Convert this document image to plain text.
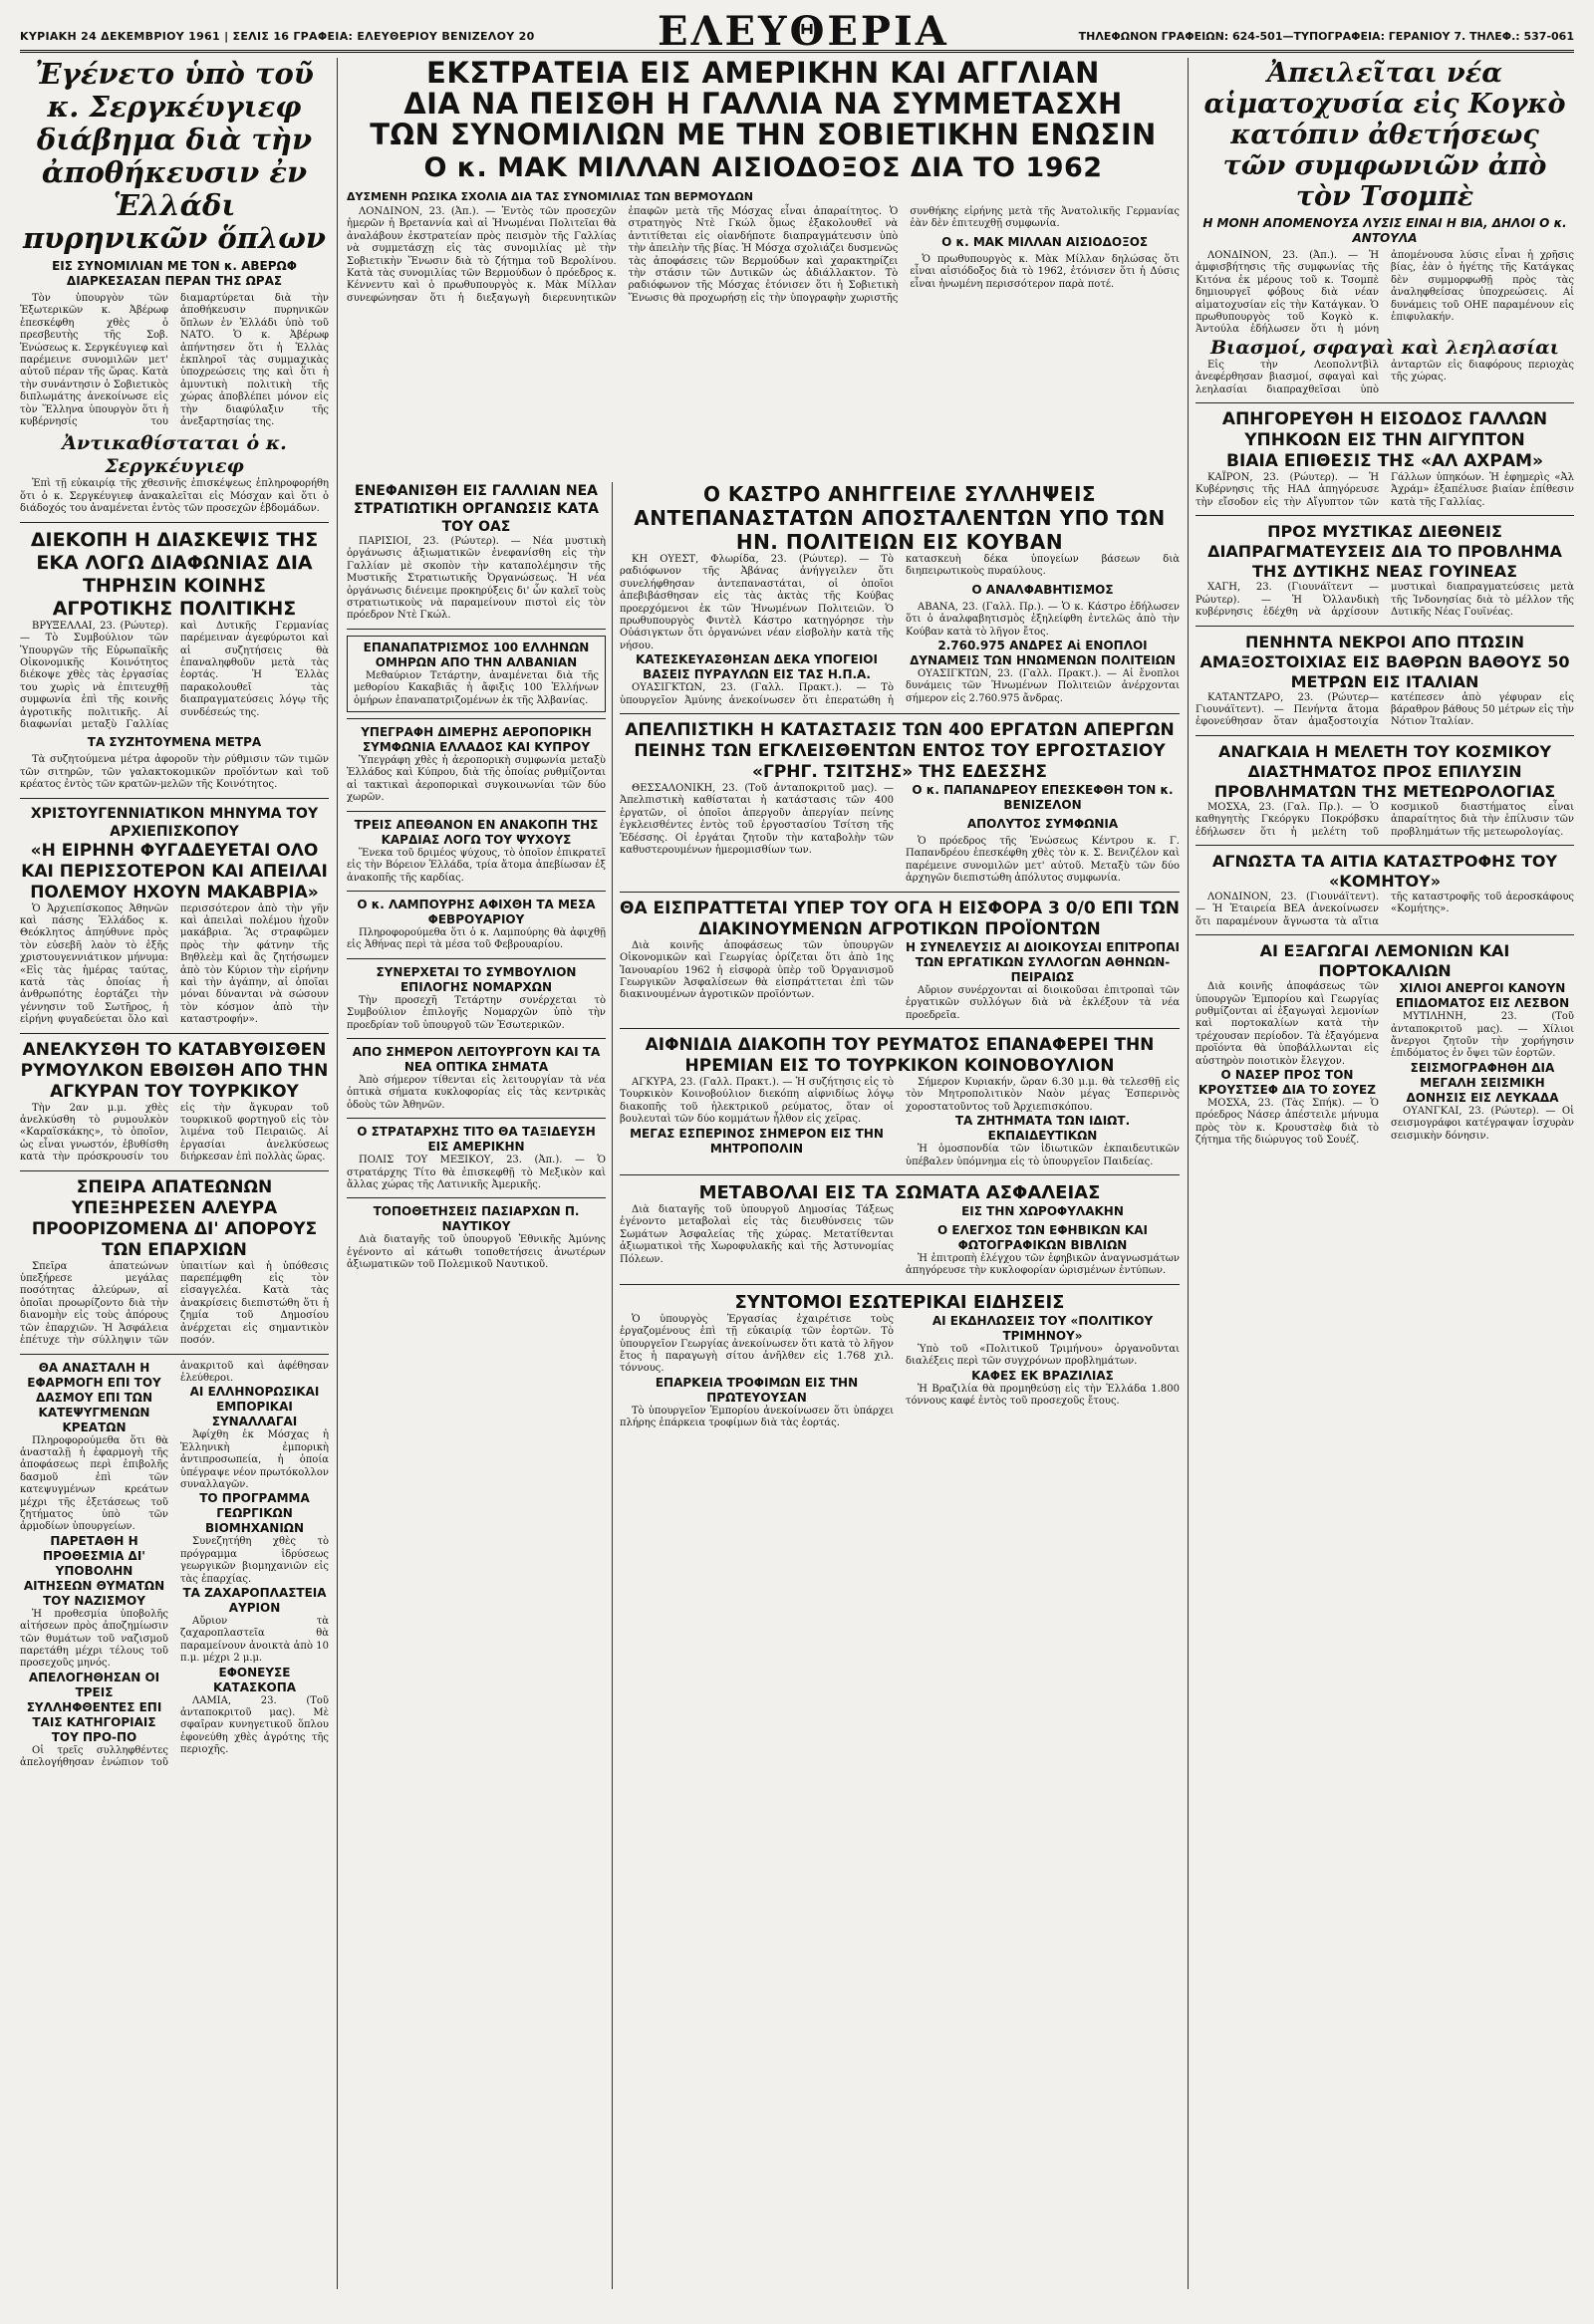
ΚΥΡΙΑΚΗ 24 ΔΕΚΕΜΒΡΙΟΥ 1961 | ΣΕΛΙΣ 16 ΓΡΑΦΕΙΑ: ΕΛΕΥΘΕΡΙΟΥ ΒΕΝΙΖΕΛΟΥ 20	ΕΛΕΥΘΕΡΙΑ	ΤΗΛΕΦΩΝΟΝ ΓΡΑΦΕΙΩΝ: 624-501—ΤΥΠΟΓΡΑΦΕΙΑ: ΓΕΡΑΝΙΟΥ 7. ΤΗΛΕΦ.: 537-061
Ἐγένετο ὑπὸ τοῦ κ. Σεργκέυγιεφ διάβημα διὰ τὴν ἀποθήκευσιν ἐν Ἑλλάδι πυρηνικῶν ὅπλων
ΕΙΣ ΣΥΝΟΜΙΛΙΑΝ ΜΕ ΤΟΝ κ. ΑΒΕΡΩΦ ΔΙΑΡΚΕΣΑΣΑΝ ΠΕΡΑΝ ΤΗΣ ΩΡΑΣ

Τὸν ὑπουργὸν τῶν Ἐξωτερικῶν κ. Ἀβέρωφ ἐπεσκέφθη χθὲς ὁ πρεσβευτὴς τῆς Σοβ. Ἑνώσεως κ. Σεργκέυγιεφ καὶ παρέμεινε συνομιλῶν μετ' αὐτοῦ πέραν τῆς ὥρας. Κατὰ τὴν συνάντησιν ὁ Σοβιετικὸς διπλωμάτης ἀνεκοίνωσε εἰς τὸν Ἕλληνα ὑπουργὸν ὅτι ἡ κυβέρνησίς του διαμαρτύρεται διὰ τὴν ἀποθήκευσιν πυρηνικῶν ὅπλων ἐν Ἑλλάδι ὑπὸ τοῦ ΝΑΤΟ. Ὁ κ. Ἀβέρωφ ἀπήντησεν ὅτι ἡ Ἑλλὰς ἐκπληροῖ τὰς συμμαχικὰς ὑποχρεώσεις της καὶ ὅτι ἡ ἀμυντικὴ πολιτικὴ τῆς χώρας ἀποβλέπει μόνον εἰς τὴν διαφύλαξιν τῆς ἀνεξαρτησίας της.

Ἀντικαθίσταται ὁ κ. Σεργκέυγιεφ

Ἐπὶ τῇ εὐκαιρίᾳ τῆς χθεσινῆς ἐπισκέψεως ἐπληροφορήθη ὅτι ὁ κ. Σεργκέυγιεφ ἀνακαλεῖται εἰς Μόσχαν καὶ ὅτι ὁ διάδοχός του ἀναμένεται ἐντὸς τῶν προσεχῶν ἑβδομάδων.

ΔΙΕΚΟΠΗ Η ΔΙΑΣΚΕΨΙΣ ΤΗΣ ΕΚΑ ΛΟΓΩ ΔΙΑΦΩΝΙΑΣ ΔΙΑ ΤΗΡΗΣΙΝ ΚΟΙΝΗΣ ΑΓΡΟΤΙΚΗΣ ΠΟΛΙΤΙΚΗΣ

ΒΡΥΞΕΛΛΑΙ, 23. (Ρώυτερ). — Τὸ Συμβούλιον τῶν Ὑπουργῶν τῆς Εὐρωπαϊκῆς Οἰκονομικῆς Κοινότητος διέκοψε χθὲς τὰς ἐργασίας του χωρὶς νὰ ἐπιτευχθῇ συμφωνία ἐπὶ τῆς κοινῆς ἀγροτικῆς πολιτικῆς. Αἱ διαφωνίαι μεταξὺ Γαλλίας καὶ Δυτικῆς Γερμανίας παρέμειναν ἀγεφύρωτοι καὶ αἱ συζητήσεις θὰ ἐπαναληφθοῦν μετὰ τὰς ἑορτάς. Ἡ Ἑλλὰς παρακολουθεῖ τὰς διαπραγματεύσεις λόγῳ τῆς συνδέσεώς της.

ΤΑ ΣΥΖΗΤΟΥΜΕΝΑ ΜΕΤΡΑ

Τὰ συζητούμενα μέτρα ἀφοροῦν τὴν ρύθμισιν τῶν τιμῶν τῶν σιτηρῶν, τῶν γαλακτοκομικῶν προϊόντων καὶ τοῦ κρέατος ἐντὸς τῶν κρατῶν-μελῶν τῆς Κοινότητος.

ΧΡΙΣΤΟΥΓΕΝΝΙΑΤΙΚΟΝ ΜΗΝΥΜΑ ΤΟΥ ΑΡΧΙΕΠΙΣΚΟΠΟΥ
«Η ΕΙΡΗΝΗ ΦΥΓΑΔΕΥΕΤΑΙ ΟΛΟ ΚΑΙ ΠΕΡΙΣΣΟΤΕΡΟΝ ΚΑΙ ΑΠΕΙΛΑΙ ΠΟΛΕΜΟΥ ΗΧΟΥΝ ΜΑΚΑΒΡΙΑ»

Ὁ Ἀρχιεπίσκοπος Ἀθηνῶν καὶ πάσης Ἑλλάδος κ. Θεόκλητος ἀπηύθυνε πρὸς τὸν εὐσεβῆ λαὸν τὸ ἑξῆς χριστουγεννιάτικον μήνυμα: «Εἰς τὰς ἡμέρας ταύτας, κατὰ τὰς ὁποίας ἡ ἀνθρωπότης ἑορτάζει τὴν γέννησιν τοῦ Σωτῆρος, ἡ εἰρήνη φυγαδεύεται ὅλο καὶ περισσότερον ἀπὸ τὴν γῆν καὶ ἀπειλαὶ πολέμου ἠχοῦν μακάβρια. Ἂς στραφῶμεν πρὸς τὴν φάτνην τῆς Βηθλεὲμ καὶ ἂς ζητήσωμεν ἀπὸ τὸν Κύριον τὴν εἰρήνην καὶ τὴν ἀγάπην, αἱ ὁποῖαι μόναι δύνανται νὰ σώσουν τὸν κόσμον ἀπὸ τὴν καταστροφήν».

ΑΝΕΛΚΥΣΘΗ ΤΟ ΚΑΤΑΒΥΘΙΣΘΕΝ ΡΥΜΟΥΛΚΟΝ ΕΒΘΙΣΘΗ ΑΠΟ ΤΗΝ ΑΓΚΥΡΑΝ ΤΟΥ ΤΟΥΡΚΙΚΟΥ

Τὴν 2αν μ.μ. χθὲς ἀνελκύσθη τὸ ρυμουλκὸν «Καραϊσκάκης», τὸ ὁποῖον, ὡς εἶναι γνωστόν, ἐβυθίσθη κατὰ τὴν πρόσκρουσίν του εἰς τὴν ἄγκυραν τοῦ τουρκικοῦ φορτηγοῦ εἰς τὸν λιμένα τοῦ Πειραιῶς. Αἱ ἐργασίαι ἀνελκύσεως διήρκεσαν ἐπὶ πολλὰς ὥρας.

ΣΠΕΙΡΑ ΑΠΑΤΕΩΝΩΝ ΥΠΕΞΗΡΕΣΕΝ ΑΛΕΥΡΑ ΠΡΟΟΡΙΖΟΜΕΝΑ ΔΙ' ΑΠΟΡΟΥΣ ΤΩΝ ΕΠΑΡΧΙΩΝ

Σπεῖρα ἀπατεώνων ὑπεξήρεσε μεγάλας ποσότητας ἀλεύρων, αἱ ὁποῖαι προωρίζοντο διὰ τὴν διανομὴν εἰς τοὺς ἀπόρους τῶν ἐπαρχιῶν. Ἡ Ἀσφάλεια ἐπέτυχε τὴν σύλληψιν τῶν ὑπαιτίων καὶ ἡ ὑπόθεσις παρεπέμφθη εἰς τὸν εἰσαγγελέα. Κατὰ τὰς ἀνακρίσεις διεπιστώθη ὅτι ἡ ζημία τοῦ Δημοσίου ἀνέρχεται εἰς σημαντικὸν ποσόν.

ΘΑ ΑΝΑΣΤΑΛΗ Η ΕΦΑΡΜΟΓΗ ΕΠΙ ΤΟΥ ΔΑΣΜΟΥ ΕΠΙ ΤΩΝ ΚΑΤΕΨΥΓΜΕΝΩΝ ΚΡΕΑΤΩΝ

Πληροφορούμεθα ὅτι θὰ ἀνασταλῇ ἡ ἐφαρμογὴ τῆς ἀποφάσεως περὶ ἐπιβολῆς δασμοῦ ἐπὶ τῶν κατεψυγμένων κρεάτων μέχρι τῆς ἐξετάσεως τοῦ ζητήματος ὑπὸ τῶν ἁρμοδίων ὑπουργείων.

ΠΑΡΕΤΑΘΗ Η ΠΡΟΘΕΣΜΙΑ ΔΙ' ΥΠΟΒΟΛΗΝ ΑΙΤΗΣΕΩΝ ΘΥΜΑΤΩΝ ΤΟΥ ΝΑΖΙΣΜΟΥ

Ἡ προθεσμία ὑποβολῆς αἰτήσεων πρὸς ἀποζημίωσιν τῶν θυμάτων τοῦ ναζισμοῦ παρετάθη μέχρι τέλους τοῦ προσεχοῦς μηνός.

ΑΠΕΛΟΓΗΘΗΣΑΝ ΟΙ ΤΡΕΙΣ ΣΥΛΛΗΦΘΕΝΤΕΣ ΕΠΙ ΤΑΙΣ ΚΑΤΗΓΟΡΙΑΙΣ ΤΟΥ ΠΡΟ-ΠΟ

Οἱ τρεῖς συλληφθέντες ἀπελογήθησαν ἐνώπιον τοῦ ἀνακριτοῦ καὶ ἀφέθησαν ἐλεύθεροι.

ΑΙ ΕΛΛΗΝΟΡΩΣΙΚΑΙ ΕΜΠΟΡΙΚΑΙ ΣΥΝΑΛΛΑΓΑΙ

Ἀφίχθη ἐκ Μόσχας ἡ Ἑλληνικὴ ἐμπορικὴ ἀντιπροσωπεία, ἡ ὁποία ὑπέγραψε νέον πρωτόκολλον συναλλαγῶν.

ΤΟ ΠΡΟΓΡΑΜΜΑ ΓΕΩΡΓΙΚΩΝ ΒΙΟΜΗΧΑΝΙΩΝ

Συνεζητήθη χθὲς τὸ πρόγραμμα ἱδρύσεως γεωργικῶν βιομηχανιῶν εἰς τὰς ἐπαρχίας.

ΤΑ ΖΑΧΑΡΟΠΛΑΣΤΕΙΑ ΑΥΡΙΟΝ

Αὔριον τὰ ζαχαροπλαστεῖα θὰ παραμείνουν ἀνοικτὰ ἀπὸ 10 π.μ. μέχρι 2 μ.μ.

ΕΦΟΝΕΥΣΕ ΚΑΤΑΣΚΟΠΑ

ΛΑΜΙΑ, 23. (Τοῦ ἀνταποκριτοῦ μας). Μὲ σφαῖραν κυνηγετικοῦ ὅπλου ἐφονεύθη χθὲς ἀγρότης τῆς περιοχῆς.

ΕΚΣΤΡΑΤΕΙΑ ΕΙΣ ΑΜΕΡΙΚΗΝ ΚΑΙ ΑΓΓΛΙΑΝ
ΔΙΑ ΝΑ ΠΕΙΣΘΗ Η ΓΑΛΛΙΑ ΝΑ ΣΥΜΜΕΤΑΣΧΗ
ΤΩΝ ΣΥΝΟΜΙΛΙΩΝ ΜΕ ΤΗΝ ΣΟΒΙΕΤΙΚΗΝ ΕΝΩΣΙΝ
Ο κ. ΜΑΚ ΜΙΛΛΑΝ ΑΙΣΙΟΔΟΞΟΣ ΔΙΑ ΤΟ 1962
ΔΥΣΜΕΝΗ ΡΩΣΙΚΑ ΣΧΟΛΙΑ ΔΙΑ ΤΑΣ ΣΥΝΟΜΙΛΙΑΣ ΤΩΝ ΒΕΡΜΟΥΔΩΝ

ΛΟΝΔΙΝΟΝ, 23. (Ἀπ.). — Ἐντὸς τῶν προσεχῶν ἡμερῶν ἡ Βρεταννία καὶ αἱ Ἡνωμέναι Πολιτεῖαι θὰ ἀναλάβουν ἐκστρατείαν πρὸς πεισμὸν τῆς Γαλλίας νὰ συμμετάσχῃ εἰς τὰς συνομιλίας μὲ τὴν Σοβιετικὴν Ἕνωσιν διὰ τὸ ζήτημα τοῦ Βερολίνου. Κατὰ τὰς συνομιλίας τῶν Βερμούδων ὁ πρόεδρος κ. Κέννεντυ καὶ ὁ πρωθυπουργὸς κ. Μὰκ Μίλλαν συνεφώνησαν ὅτι ἡ διεξαγωγὴ διερευνητικῶν ἐπαφῶν μετὰ τῆς Μόσχας εἶναι ἀπαραίτητος. Ὁ στρατηγὸς Ντὲ Γκώλ ὅμως ἐξακολουθεῖ νὰ ἀντιτίθεται εἰς οἱανδήποτε διαπραγμάτευσιν ὑπὸ τὴν ἀπειλὴν τῆς βίας. Ἡ Μόσχα σχολιάζει δυσμενῶς τὰς ἀποφάσεις τῶν Βερμούδων καὶ χαρακτηρίζει τὴν στάσιν τῶν Δυτικῶν ὡς ἀδιάλλακτον. Τὸ ραδιόφωνον τῆς Μόσχας ἐτόνισεν ὅτι ἡ Σοβιετικὴ Ἕνωσις θὰ προχωρήσῃ εἰς τὴν ὑπογραφὴν χωριστῆς συνθήκης εἰρήνης μετὰ τῆς Ἀνατολικῆς Γερμανίας ἐὰν δὲν ἐπιτευχθῇ συμφωνία.

Ο κ. ΜΑΚ ΜΙΛΛΑΝ ΑΙΣΙΟΔΟΞΟΣ

Ὁ πρωθυπουργὸς κ. Μὰκ Μίλλαν δηλώσας ὅτι εἶναι αἰσιόδοξος διὰ τὸ 1962, ἐτόνισεν ὅτι ἡ Δύσις εἶναι ἠνωμένη περισσότερον παρὰ ποτέ.

ΕΝΕΦΑΝΙΣΘΗ ΕΙΣ ΓΑΛΛΙΑΝ ΝΕΑ ΣΤΡΑΤΙΩΤΙΚΗ ΟΡΓΑΝΩΣΙΣ ΚΑΤΑ ΤΟΥ ΟΑΣ

ΠΑΡΙΣΙΟΙ, 23. (Ρώυτερ). — Νέα μυστικὴ ὀργάνωσις ἀξιωματικῶν ἐνεφανίσθη εἰς τὴν Γαλλίαν μὲ σκοπὸν τὴν καταπολέμησιν τῆς Μυστικῆς Στρατιωτικῆς Ὀργανώσεως. Ἡ νέα ὀργάνωσις διένειμε προκηρύξεις δι' ὧν καλεῖ τοὺς στρατιωτικοὺς νὰ παραμείνουν πιστοὶ εἰς τὸν πρόεδρον Ντὲ Γκώλ.

ΕΠΑΝΑΠΑΤΡΙΣΜΟΣ 100 ΕΛΛΗΝΩΝ ΟΜΗΡΩΝ ΑΠΟ ΤΗΝ ΑΛΒΑΝΙΑΝ

Μεθαύριον Τετάρτην, ἀναμένεται διὰ τῆς μεθορίου Κακαβιᾶς ἡ ἄφιξις 100 Ἑλλήνων ὁμήρων ἐπαναπατριζομένων ἐκ τῆς Ἀλβανίας.

ΥΠΕΓΡΑΦΗ ΔΙΜΕΡΗΣ ΑΕΡΟΠΟΡΙΚΗ ΣΥΜΦΩΝΙΑ ΕΛΛΑΔΟΣ ΚΑΙ ΚΥΠΡΟΥ

Ὑπεγράφη χθὲς ἡ ἀεροπορικὴ συμφωνία μεταξὺ Ἑλλάδος καὶ Κύπρου, διὰ τῆς ὁποίας ρυθμίζονται αἱ τακτικαὶ ἀεροπορικαὶ συγκοινωνίαι τῶν δύο χωρῶν.

ΤΡΕΙΣ ΑΠΕΘΑΝΟΝ ΕΝ ΑΝΑΚΟΠΗ ΤΗΣ ΚΑΡΔΙΑΣ ΛΟΓΩ ΤΟΥ ΨΥΧΟΥΣ

Ἕνεκα τοῦ δριμέος ψύχους, τὸ ὁποῖον ἐπικρατεῖ εἰς τὴν Βόρειον Ἑλλάδα, τρία ἄτομα ἀπεβίωσαν ἐξ ἀνακοπῆς τῆς καρδίας.

Ο κ. ΛΑΜΠΟΥΡΗΣ ΑΦΙΧΘΗ ΤΑ ΜΕΣΑ ΦΕΒΡΟΥΑΡΙΟΥ

Πληροφορούμεθα ὅτι ὁ κ. Λαμπούρης θὰ ἀφιχθῇ εἰς Ἀθήνας περὶ τὰ μέσα τοῦ Φεβρουαρίου.

ΣΥΝΕΡΧΕΤΑΙ ΤΟ ΣΥΜΒΟΥΛΙΟΝ ΕΠΙΛΟΓΗΣ ΝΟΜΑΡΧΩΝ

Τὴν προσεχῆ Τετάρτην συνέρχεται τὸ Συμβούλιον ἐπιλογῆς Νομαρχῶν ὑπὸ τὴν προεδρίαν τοῦ ὑπουργοῦ τῶν Ἐσωτερικῶν.

ΑΠΟ ΣΗΜΕΡΟΝ ΛΕΙΤΟΥΡΓΟΥΝ ΚΑΙ ΤΑ ΝΕΑ ΟΠΤΙΚΑ ΣΗΜΑΤΑ

Ἀπὸ σήμερον τίθενται εἰς λειτουργίαν τὰ νέα ὀπτικὰ σήματα κυκλοφορίας εἰς τὰς κεντρικὰς ὁδοὺς τῶν Ἀθηνῶν.

Ο ΣΤΡΑΤΑΡΧΗΣ ΤΙΤΟ ΘΑ ΤΑΞΙΔΕΥΣΗ ΕΙΣ ΑΜΕΡΙΚΗΝ

ΠΟΛΙΣ ΤΟΥ ΜΕΞΙΚΟΥ, 23. (Ἀπ.). — Ὁ στρατάρχης Τίτο θὰ ἐπισκεφθῇ τὸ Μεξικὸν καὶ ἄλλας χώρας τῆς Λατινικῆς Ἀμερικῆς.

ΤΟΠΟΘΕΤΗΣΕΙΣ ΠΑΣΙΑΡΧΩΝ Π. ΝΑΥΤΙΚΟΥ

Διὰ διαταγῆς τοῦ ὑπουργοῦ Ἐθνικῆς Ἀμύνης ἐγένοντο αἱ κάτωθι τοποθετήσεις ἀνωτέρων ἀξιωματικῶν τοῦ Πολεμικοῦ Ναυτικοῦ.

Ο ΚΑΣΤΡΟ ΑΝΗΓΓΕΙΛΕ ΣΥΛΛΗΨΕΙΣ ΑΝΤΕΠΑΝΑΣΤΑΤΩΝ ΑΠΟΣΤΑΛΕΝΤΩΝ ΥΠΟ ΤΩΝ ΗΝ. ΠΟΛΙΤΕΙΩΝ ΕΙΣ ΚΟΥΒΑΝ

ΚΗ ΟΥΕΣΤ, Φλωρίδα, 23. (Ρώυτερ). — Τὸ ραδιόφωνον τῆς Ἀβάνας ἀνήγγειλεν ὅτι συνελήφθησαν ἀντεπαναστάται, οἱ ὁποῖοι ἀπεβιβάσθησαν εἰς τὰς ἀκτὰς τῆς Κούβας προερχόμενοι ἐκ τῶν Ἡνωμένων Πολιτειῶν. Ὁ πρωθυπουργὸς Φιντὲλ Κάστρο κατηγόρησε τὴν Οὐάσιγκτων ὅτι ὀργανώνει νέαν εἰσβολὴν κατὰ τῆς νήσου.

ΚΑΤΕΣΚΕΥΑΣΘΗΣΑΝ ΔΕΚΑ ΥΠΟΓΕΙΟΙ ΒΑΣΕΙΣ ΠΥΡΑΥΛΩΝ ΕΙΣ ΤΑΣ Η.Π.Α.

ΟΥΑΣΙΓΚΤΩΝ, 23. (Γαλλ. Πρακτ.). — Τὸ ὑπουργεῖον Ἀμύνης ἀνεκοίνωσεν ὅτι ἐπερατώθη ἡ κατασκευὴ δέκα ὑπογείων βάσεων διὰ διηπειρωτικοὺς πυραύλους.

Ο ΑΝΑΛΦΑΒΗΤΙΣΜΟΣ

ΑΒΑΝΑ, 23. (Γαλλ. Πρ.). — Ὁ κ. Κάστρο ἐδήλωσεν ὅτι ὁ ἀναλφαβητισμὸς ἐξηλείφθη ἐντελῶς ἀπὸ τὴν Κούβαν κατὰ τὸ λῆγον ἔτος.

2.760.975 ΑΝΔΡΕΣ Αἱ ΕΝΟΠΛΟΙ ΔΥΝΑΜΕΙΣ ΤΩΝ ΗΝΩΜΕΝΩΝ ΠΟΛΙΤΕΙΩΝ

ΟΥΑΣΙΓΚΤΩΝ, 23. (Γαλλ. Πρακτ.). — Αἱ ἔνοπλοι δυνάμεις τῶν Ἡνωμένων Πολιτειῶν ἀνέρχονται σήμερον εἰς 2.760.975 ἄνδρας.

ΑΠΕΛΠΙΣΤΙΚΗ Η ΚΑΤΑΣΤΑΣΙΣ ΤΩΝ 400 ΕΡΓΑΤΩΝ ΑΠΕΡΓΩΝ ΠΕΙΝΗΣ ΤΩΝ ΕΓΚΛΕΙΣΘΕΝΤΩΝ ΕΝΤΟΣ ΤΟΥ ΕΡΓΟΣΤΑΣΙΟΥ «ΓΡΗΓ. ΤΣΙΤΣΗΣ» ΤΗΣ ΕΔΕΣΣΗΣ

ΘΕΣΣΑΛΟΝΙΚΗ, 23. (Τοῦ ἀνταποκριτοῦ μας). — Ἀπελπιστικὴ καθίσταται ἡ κατάστασις τῶν 400 ἐργατῶν, οἱ ὁποῖοι ἀπεργοῦν ἀπεργίαν πείνης ἐγκλεισθέντες ἐντὸς τοῦ ἐργοστασίου Τσίτση τῆς Ἐδέσσης. Οἱ ἐργάται ζητοῦν τὴν καταβολὴν τῶν καθυστερουμένων ἡμερομισθίων των.

Ο κ. ΠΑΠΑΝΔΡΕΟΥ ΕΠΕΣΚΕΦΘΗ ΤΟΝ κ. ΒΕΝΙΖΕΛΟΝ
ΑΠΟΛΥΤΟΣ ΣΥΜΦΩΝΙΑ

Ὁ πρόεδρος τῆς Ἑνώσεως Κέντρου κ. Γ. Παπανδρέου ἐπεσκέφθη χθὲς τὸν κ. Σ. Βενιζέλον καὶ παρέμεινε συνομιλῶν μετ' αὐτοῦ. Μεταξὺ τῶν δύο ἀρχηγῶν διεπιστώθη ἀπόλυτος συμφωνία.

ΘΑ ΕΙΣΠΡΑΤΤΕΤΑΙ ΥΠΕΡ ΤΟΥ ΟΓΑ Η ΕΙΣΦΟΡΑ 3 0/0 ΕΠΙ ΤΩΝ ΔΙΑΚΙΝΟΥΜΕΝΩΝ ΑΓΡΟΤΙΚΩΝ ΠΡΟΪΟΝΤΩΝ

Διὰ κοινῆς ἀποφάσεως τῶν ὑπουργῶν Οἰκονομικῶν καὶ Γεωργίας ὁρίζεται ὅτι ἀπὸ 1ης Ἰανουαρίου 1962 ἡ εἰσφορὰ ὑπὲρ τοῦ Ὀργανισμοῦ Γεωργικῶν Ἀσφαλίσεων θὰ εἰσπράττεται ἐπὶ τῶν διακινουμένων ἀγροτικῶν προϊόντων.

Η ΣΥΝΕΛΕΥΣΙΣ ΑΙ ΔΙΟΙΚΟΥΣΑΙ ΕΠΙΤΡΟΠΑΙ ΤΩΝ ΕΡΓΑΤΙΚΩΝ ΣΥΛΛΟΓΩΝ ΑΘΗΝΩΝ-ΠΕΙΡΑΙΩΣ

Αὔριον συνέρχονται αἱ διοικοῦσαι ἐπιτροπαὶ τῶν ἐργατικῶν συλλόγων διὰ νὰ ἐκλέξουν τὰ νέα προεδρεῖα.

ΑΙΦΝΙΔΙΑ ΔΙΑΚΟΠΗ ΤΟΥ ΡΕΥΜΑΤΟΣ ΕΠΑΝΑΦΕΡΕΙ ΤΗΝ ΗΡΕΜΙΑΝ ΕΙΣ ΤΟ ΤΟΥΡΚΙΚΟΝ ΚΟΙΝΟΒΟΥΛΙΟΝ

ΑΓΚΥΡΑ, 23. (Γαλλ. Πρακτ.). — Ἡ συζήτησις εἰς τὸ Τουρκικὸν Κοινοβούλιον διεκόπη αἰφνιδίως λόγῳ διακοπῆς τοῦ ἠλεκτρικοῦ ρεύματος, ὅταν οἱ βουλευταὶ τῶν δύο κομμάτων ἦλθον εἰς χεῖρας.

ΜΕΓΑΣ ΕΣΠΕΡΙΝΟΣ ΣΗΜΕΡΟΝ ΕΙΣ ΤΗΝ ΜΗΤΡΟΠΟΛΙΝ

Σήμερον Κυριακήν, ὥραν 6.30 μ.μ. θὰ τελεσθῇ εἰς τὸν Μητροπολιτικὸν Ναὸν μέγας Ἑσπερινὸς χοροστατοῦντος τοῦ Ἀρχιεπισκόπου.

ΤΑ ΖΗΤΗΜΑΤΑ ΤΩΝ ΙΔΙΩΤ. ΕΚΠΑΙΔΕΥΤΙΚΩΝ

Ἡ ὁμοσπονδία τῶν ἰδιωτικῶν ἐκπαιδευτικῶν ὑπέβαλεν ὑπόμνημα εἰς τὸ ὑπουργεῖον Παιδείας.

ΜΕΤΑΒΟΛΑΙ ΕΙΣ ΤΑ ΣΩΜΑΤΑ ΑΣΦΑΛΕΙΑΣ

Διὰ διαταγῆς τοῦ ὑπουργοῦ Δημοσίας Τάξεως ἐγένοντο μεταβολαὶ εἰς τὰς διευθύνσεις τῶν Σωμάτων Ἀσφαλείας τῆς χώρας. Μετατίθενται ἀξιωματικοὶ τῆς Χωροφυλακῆς καὶ τῆς Ἀστυνομίας Πόλεων.

ΕΙΣ ΤΗΝ ΧΩΡΟΦΥΛΑΚΗΝ
Ο ΕΛΕΓΧΟΣ ΤΩΝ ΕΦΗΒΙΚΩΝ ΚΑΙ ΦΩΤΟΓΡΑΦΙΚΩΝ ΒΙΒΛΙΩΝ

Ἡ ἐπιτροπὴ ἐλέγχου τῶν ἐφηβικῶν ἀναγνωσμάτων ἀπηγόρευσε τὴν κυκλοφορίαν ὡρισμένων ἐντύπων.

ΣΥΝΤΟΜΟΙ ΕΣΩΤΕΡΙΚΑΙ ΕΙΔΗΣΕΙΣ

Ὁ ὑπουργὸς Ἐργασίας ἐχαιρέτισε τοὺς ἐργαζομένους ἐπὶ τῇ εὐκαιρίᾳ τῶν ἑορτῶν. Τὸ ὑπουργεῖον Γεωργίας ἀνεκοίνωσεν ὅτι κατὰ τὸ λῆγον ἔτος ἡ παραγωγὴ σίτου ἀνῆλθεν εἰς 1.768 χιλ. τόννους.

ΕΠΑΡΚΕΙΑ ΤΡΟΦΙΜΩΝ ΕΙΣ ΤΗΝ ΠΡΩΤΕΥΟΥΣΑΝ

Τὸ ὑπουργεῖον Ἐμπορίου ἀνεκοίνωσεν ὅτι ὑπάρχει πλήρης ἐπάρκεια τροφίμων διὰ τὰς ἑορτάς.

ΑΙ ΕΚΔΗΛΩΣΕΙΣ ΤΟΥ «ΠΟΛΙΤΙΚΟΥ ΤΡΙΜΗΝΟΥ»

Ὑπὸ τοῦ «Πολιτικοῦ Τριμήνου» ὀργανοῦνται διαλέξεις περὶ τῶν συγχρόνων προβλημάτων.

ΚΑΦΕΣ ΕΚ ΒΡΑΖΙΛΙΑΣ

Ἡ Βραζιλία θὰ προμηθεύσῃ εἰς τὴν Ἑλλάδα 1.800 τόννους καφέ ἐντὸς τοῦ προσεχοῦς ἔτους.

Ἀπειλεῖται νέα αἱματοχυσία εἰς Κογκὸ κατόπιν ἀθετήσεως τῶν συμφωνιῶν ἀπὸ τὸν Τσομπὲ
Η ΜΟΝΗ ΑΠΟΜΕΝΟΥΣΑ ΛΥΣΙΣ ΕΙΝΑΙ Η ΒΙΑ, ΔΗΛΟΙ Ο κ. ΑΝΤΟΥΛΑ

ΛΟΝΔΙΝΟΝ, 23. (Ἀπ.). — Ἡ ἀμφισβήτησις τῆς συμφωνίας τῆς Κιτόνα ἐκ μέρους τοῦ κ. Τσομπὲ δημιουργεῖ φόβους διὰ νέαν αἱματοχυσίαν εἰς τὴν Κατάγκαν. Ὁ πρωθυπουργὸς τοῦ Κογκὸ κ. Ἀντούλα ἐδήλωσεν ὅτι ἡ μόνη ἀπομένουσα λύσις εἶναι ἡ χρῆσις βίας, ἐὰν ὁ ἡγέτης τῆς Κατάγκας δὲν συμμορφωθῇ πρὸς τὰς ἀναληφθείσας ὑποχρεώσεις. Αἱ δυνάμεις τοῦ ΟΗΕ παραμένουν εἰς ἐπιφυλακήν.

Βιασμοί, σφαγαὶ καὶ λεηλασίαι

Εἰς τὴν Λεοπολντβὶλ ἀνεφέρθησαν βιασμοί, σφαγαὶ καὶ λεηλασίαι διαπραχθεῖσαι ὑπὸ ἀνταρτῶν εἰς διαφόρους περιοχὰς τῆς χώρας.

ΑΠΗΓΟΡΕΥΘΗ Η ΕΙΣΟΔΟΣ ΓΑΛΛΩΝ ΥΠΗΚΟΩΝ ΕΙΣ ΤΗΝ ΑΙΓΥΠΤΟΝ
ΒΙΑΙΑ ΕΠΙΘΕΣΙΣ ΤΗΣ «ΑΛ ΑΧΡΑΜ»

ΚΑΪΡΟΝ, 23. (Ρώυτερ). — Ἡ Κυβέρνησις τῆς ΗΑΔ ἀπηγόρευσε τὴν εἴσοδον εἰς τὴν Αἴγυπτον τῶν Γάλλων ὑπηκόων. Ἡ ἐφημερὶς «Ἀλ Ἀχράμ» ἐξαπέλυσε βιαίαν ἐπίθεσιν κατὰ τῆς Γαλλίας.

ΠΡΟΣ ΜΥΣΤΙΚΑΣ ΔΙΕΘΝΕΙΣ ΔΙΑΠΡΑΓΜΑΤΕΥΣΕΙΣ ΔΙΑ ΤΟ ΠΡΟΒΛΗΜΑ ΤΗΣ ΔΥΤΙΚΗΣ ΝΕΑΣ ΓΟΥΙΝΕΑΣ

ΧΑΓΗ, 23. (Γιουνάϊτεντ — Ρώυτερ). — Ἡ Ὀλλανδικὴ κυβέρνησις ἐδέχθη νὰ ἀρχίσουν μυστικαὶ διαπραγματεύσεις μετὰ τῆς Ἰνδονησίας διὰ τὸ μέλλον τῆς Δυτικῆς Νέας Γουϊνέας.

ΠΕΝΗΝΤΑ ΝΕΚΡΟΙ ΑΠΟ ΠΤΩΣΙΝ ΑΜΑΞΟΣΤΟΙΧΙΑΣ ΕΙΣ ΒΑΘΡΩΝ ΒΑΘΟΥΣ 50 ΜΕΤΡΩΝ ΕΙΣ ΙΤΑΛΙΑΝ

ΚΑΤΑΝΤΖΑΡΟ, 23. (Ρώυτερ—Γιουνάϊτεντ). — Πενήντα ἄτομα ἐφονεύθησαν ὅταν ἀμαξοστοιχία κατέπεσεν ἀπὸ γέφυραν εἰς βάραθρον βάθους 50 μέτρων εἰς τὴν Νότιον Ἰταλίαν.

ΑΝΑΓΚΑΙΑ Η ΜΕΛΕΤΗ ΤΟΥ ΚΟΣΜΙΚΟΥ ΔΙΑΣΤΗΜΑΤΟΣ ΠΡΟΣ ΕΠΙΛΥΣΙΝ ΠΡΟΒΛΗΜΑΤΩΝ ΤΗΣ ΜΕΤΕΩΡΟΛΟΓΙΑΣ

ΜΟΣΧΑ, 23. (Γαλ. Πρ.). — Ὁ καθηγητὴς Γκεόργκυ Ποκρόβσκυ ἐδήλωσεν ὅτι ἡ μελέτη τοῦ κοσμικοῦ διαστήματος εἶναι ἀπαραίτητος διὰ τὴν ἐπίλυσιν τῶν προβλημάτων τῆς μετεωρολογίας.

ΑΓΝΩΣΤΑ ΤΑ ΑΙΤΙΑ ΚΑΤΑΣΤΡΟΦΗΣ ΤΟΥ «ΚΟΜΗΤΟΥ»

ΛΟΝΔΙΝΟΝ, 23. (Γιουνάϊτεντ). — Ἡ Ἑταιρεία BEA ἀνεκοίνωσεν ὅτι παραμένουν ἄγνωστα τὰ αἴτια τῆς καταστροφῆς τοῦ ἀεροσκάφους «Κομήτης».

ΑΙ ΕΞΑΓΩΓΑΙ ΛΕΜΟΝΙΩΝ ΚΑΙ ΠΟΡΤΟΚΑΛΙΩΝ

Διὰ κοινῆς ἀποφάσεως τῶν ὑπουργῶν Ἐμπορίου καὶ Γεωργίας ρυθμίζονται αἱ ἐξαγωγαὶ λεμονίων καὶ πορτοκαλίων κατὰ τὴν τρέχουσαν περίοδον. Τὰ ἐξαγόμενα προϊόντα θὰ ὑποβάλλωνται εἰς αὐστηρὸν ποιοτικὸν ἔλεγχον.

Ο ΝΑΣΕΡ ΠΡΟΣ ΤΟΝ ΚΡΟΥΣΤΣΕΦ ΔΙΑ ΤΟ ΣΟΥΕΖ

ΜΟΣΧΑ, 23. (Τὰς Σπήκ). — Ὁ πρόεδρος Νάσερ ἀπέστειλε μήνυμα πρὸς τὸν κ. Κρουστσὲφ διὰ τὸ ζήτημα τῆς διώρυγος τοῦ Σουέζ.

ΧΙΛΙΟΙ ΑΝΕΡΓΟΙ ΚΑΝΟΥΝ ΕΠΙΔΟΜΑΤΟΣ ΕΙΣ ΛΕΣΒΟΝ

ΜΥΤΙΛΗΝΗ, 23. (Τοῦ ἀνταποκριτοῦ μας). — Χίλιοι ἄνεργοι ζητοῦν τὴν χορήγησιν ἐπιδόματος ἐν ὄψει τῶν ἑορτῶν.

ΣΕΙΣΜΟΓΡΑΦΗΘΗ ΔΙΑ ΜΕΓΑΛΗ ΣΕΙΣΜΙΚΗ ΔΟΝΗΣΙΣ ΕΙΣ ΛΕΥΚΑΔΑ

ΟΥΑΝΓΚΑΙ, 23. (Ρώυτερ). — Οἱ σεισμογράφοι κατέγραψαν ἰσχυρὰν σεισμικὴν δόνησιν.
